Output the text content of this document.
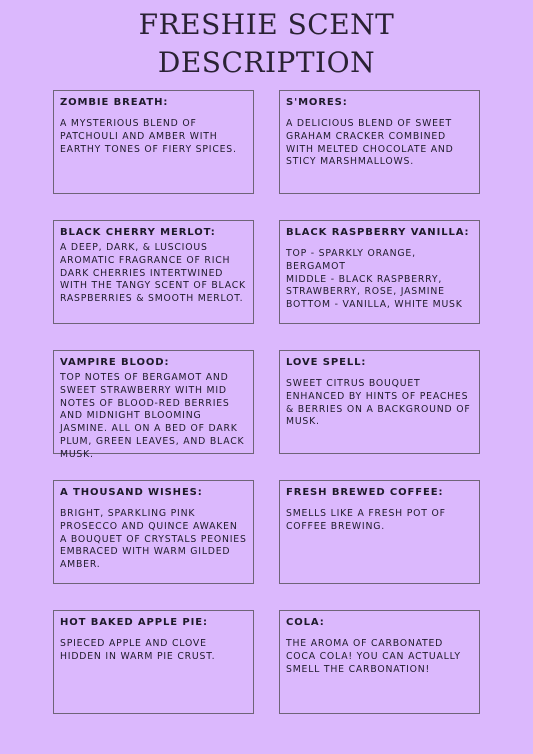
FRESHIE SCENT
DESCRIPTION
ZOMBIE BREATH:
A MYSTERIOUS BLEND OF PATCHOULI AND AMBER WITH EARTHY TONES OF FIERY SPICES.
S'MORES:
A DELICIOUS BLEND OF SWEET GRAHAM CRACKER COMBINED WITH MELTED CHOCOLATE AND STICY MARSHMALLOWS.
BLACK CHERRY MERLOT:
A DEEP, DARK, & LUSCIOUS AROMATIC FRAGRANCE OF RICH DARK CHERRIES INTERTWINED WITH THE TANGY SCENT OF BLACK RASPBERRIES & SMOOTH MERLOT.
BLACK RASPBERRY VANILLA:
TOP - SPARKLY ORANGE, BERGAMOT
MIDDLE - BLACK RASPBERRY, STRAWBERRY, ROSE, JASMINE
BOTTOM - VANILLA, WHITE MUSK
VAMPIRE BLOOD:
TOP NOTES OF BERGAMOT AND SWEET STRAWBERRY WITH MID NOTES OF BLOOD-RED BERRIES AND MIDNIGHT BLOOMING JASMINE. ALL ON A BED OF DARK PLUM, GREEN LEAVES, AND BLACK MUSK.
LOVE SPELL:
SWEET CITRUS BOUQUET ENHANCED BY HINTS OF PEACHES & BERRIES ON A BACKGROUND OF MUSK.
A THOUSAND WISHES:
BRIGHT, SPARKLING PINK PROSECCO AND QUINCE AWAKEN A BOUQUET OF CRYSTALS PEONIES EMBRACED WITH WARM GILDED AMBER.
FRESH BREWED COFFEE:
SMELLS LIKE A FRESH POT OF COFFEE BREWING.
HOT BAKED APPLE PIE:
SPIECED APPLE AND CLOVE HIDDEN IN WARM PIE CRUST.
COLA:
THE AROMA OF CARBONATED COCA COLA! YOU CAN ACTUALLY SMELL THE CARBONATION!
